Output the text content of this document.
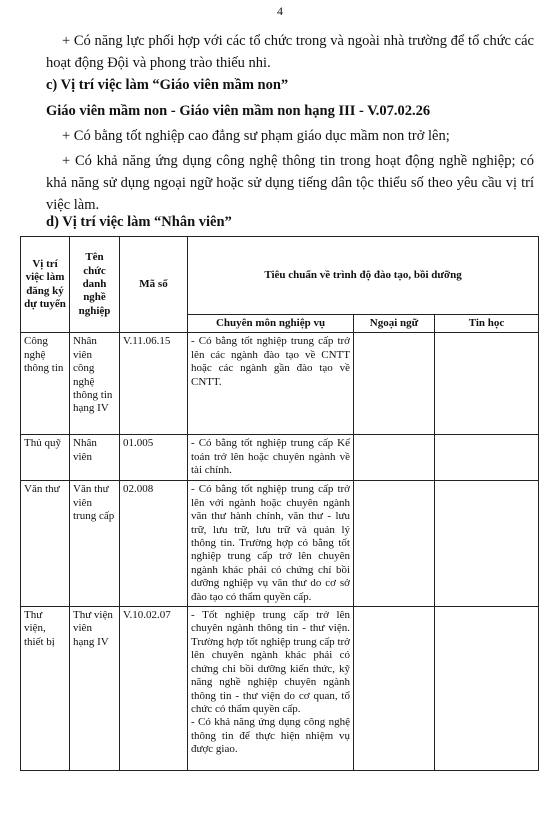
4
+ Có năng lực phối hợp với các tổ chức trong và ngoài nhà trường để tổ chức các hoạt động Đội và phong trào thiếu nhi.
c) Vị trí việc làm “Giáo viên mầm non”
Giáo viên mầm non - Giáo viên mầm non hạng III - V.07.02.26
+ Có bằng tốt nghiệp cao đẳng sư phạm giáo dục mầm non trở lên;
+ Có khả năng ứng dụng công nghệ thông tin trong hoạt động nghề nghiệp; có khả năng sử dụng ngoại ngữ hoặc sử dụng tiếng dân tộc thiểu số theo yêu cầu vị trí việc làm.
d) Vị trí việc làm “Nhân viên”
Vị trí việc làm đăng ký dự tuyển	Tên chức danh nghề nghiệp	Mã số	Tiêu chuẩn về trình độ đào tạo, bồi dưỡng		
			Chuyên môn nghiệp vụ	Ngoại ngữ	Tin học
Công nghệ thông tin	Nhân viên công nghệ thông tin hạng IV	V.11.06.15	- Có bằng tốt nghiệp trung cấp trở lên các ngành đào tạo về CNTT hoặc các ngành gần đào tạo về CNTT.		

Thủ quỹ	Nhân viên	01.005	- Có bằng tốt nghiệp trung cấp Kế toán trở lên hoặc chuyên ngành về tài chính.		

Văn thư	Văn thư viên trung cấp	02.008	- Có bằng tốt nghiệp trung cấp trở lên với ngành hoặc chuyên ngành văn thư hành chính, văn thư - lưu trữ, lưu trữ, lưu trữ và quản lý thông tin. Trường hợp có bằng tốt nghiệp trung cấp trở lên chuyên ngành khác phải có chứng chỉ bồi dưỡng nghiệp vụ văn thư do cơ sở đào tạo có thẩm quyền cấp.		

Thư viện, thiết bị	Thư viện viên hạng IV	V.10.02.07	- Tốt nghiệp trung cấp trở lên chuyên ngành thông tin - thư viện. Trường hợp tốt nghiệp trung cấp trở lên chuyên ngành khác phải có chứng chỉ bồi dưỡng kiến thức, kỹ năng nghề nghiệp chuyên ngành thông tin - thư viện do cơ quan, tổ chức có thẩm quyền cấp.
- Có khả năng ứng dụng công nghệ thông tin để thực hiện nhiệm vụ được giao.		
